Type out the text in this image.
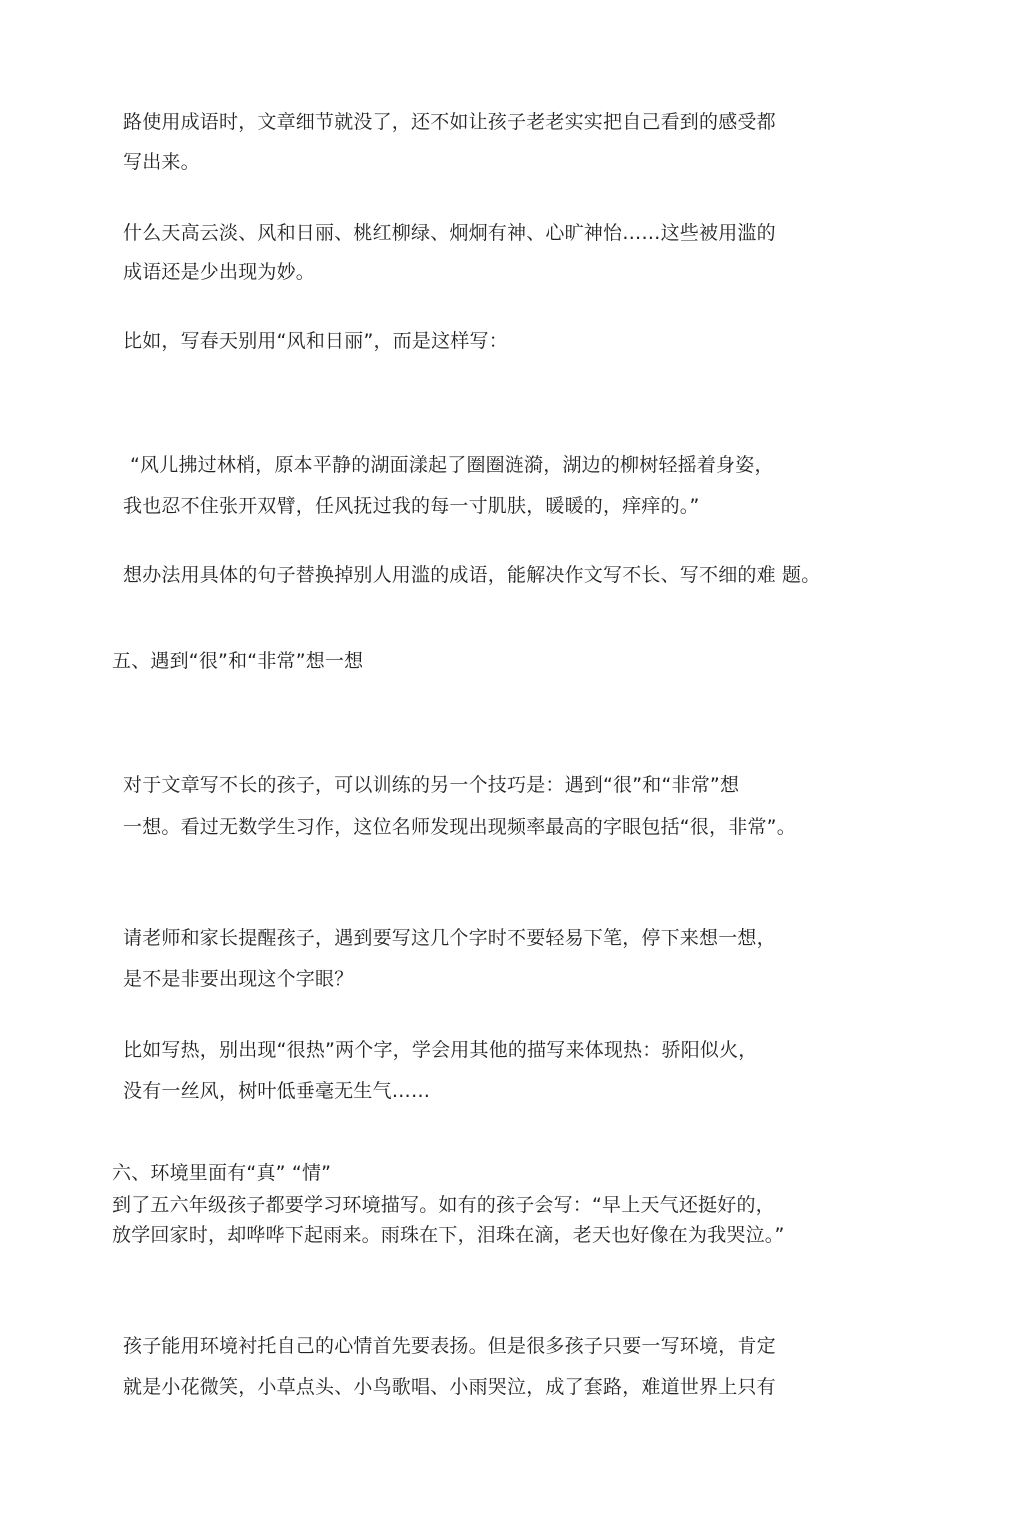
路使用成语时，文章细节就没了，还不如让孩子老老实实把自己看到的感受都
写出来。
什么天高云淡、风和日丽、桃红柳绿、炯炯有神、心旷神怡……这些被用滥的
成语还是少出现为妙。
比如，写春天别用“风和日丽”，而是这样写：
“风儿拂过林梢，原本平静的湖面漾起了圈圈涟漪，湖边的柳树轻摇着身姿，
我也忍不住张开双臂，任风抚过我的每一寸肌肤，暖暖的，痒痒的。”
想办法用具体的句子替换掉别人用滥的成语，能解决作文写不长、写不细的难 题。
五、遇到“很”和“非常”想一想
对于文章写不长的孩子，可以训练的另一个技巧是：遇到“很”和“非常”想
一想。看过无数学生习作，这位名师发现出现频率最高的字眼包括“很，非常”。
请老师和家长提醒孩子，遇到要写这几个字时不要轻易下笔，停下来想一想，
是不是非要出现这个字眼？
比如写热，别出现“很热”两个字，学会用其他的描写来体现热：骄阳似火，
没有一丝风，树叶低垂毫无生气……
六、环境里面有“真” “情”
到了五六年级孩子都要学习环境描写。如有的孩子会写：“早上天气还挺好的，
放学回家时，却哗哗下起雨来。雨珠在下，泪珠在滴，老天也好像在为我哭泣。”
孩子能用环境衬托自己的心情首先要表扬。但是很多孩子只要一写环境，肯定
就是小花微笑，小草点头、小鸟歌唱、小雨哭泣，成了套路，难道世界上只有
